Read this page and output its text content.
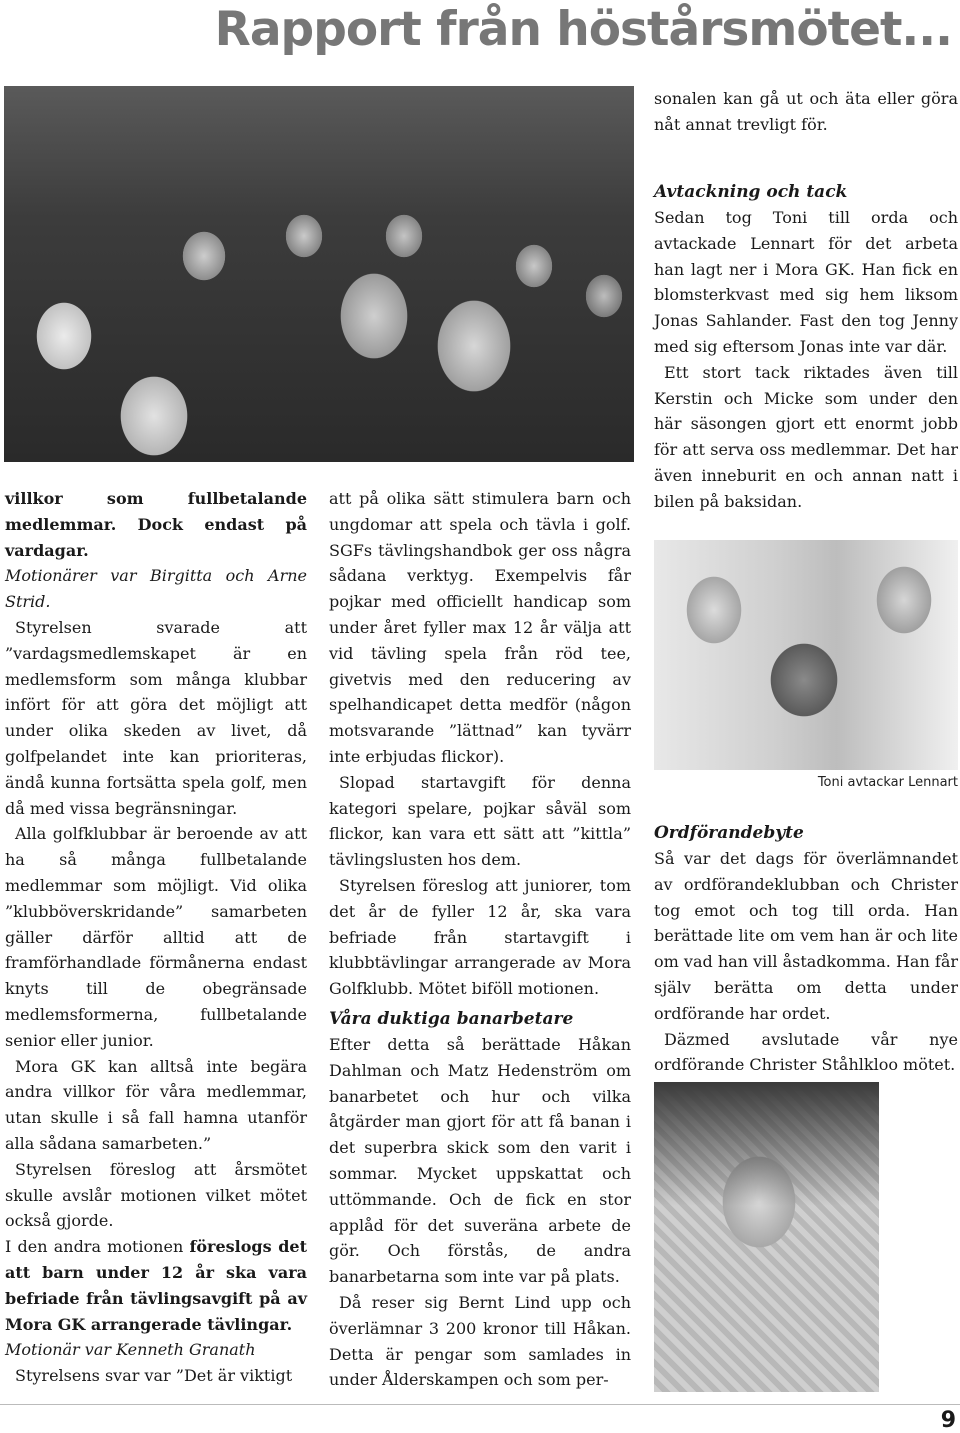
Rapport från höstårsmötet...

sonalen kan gå ut och äta eller göra nåt annat trevligt för.

Avtackning och tack

Sedan tog Toni till orda och avtackade Lennart för det arbeta han lagt ner i Mora GK. Han fick en blomsterkvast med sig hem liksom Jonas Sahlander. Fast den tog Jenny med sig eftersom Jonas inte var där.

Ett stort tack riktades även till Kerstin och Micke som under den här säsongen gjort ett enormt jobb för att serva oss medlemmar. Det har även inneburit en och annan natt i bilen på baksidan.

Toni avtackar Lennart
Ordförandebyte

Så var det dags för överlämnandet av ordförandeklubban och Christer tog emot och tog till orda. Han berättade lite om vem han är och lite om vad han vill åstadkomma. Han får själv berätta om detta under ordförande har ordet.

Däzmed avslutade vår nye ordförande Christer Ståhlkloo mötet.

villkor som fullbetalande medlemmar. Dock endast på vardagar.

Motionärer var Birgitta och Arne Strid.

Styrelsen svarade att ”vardagsmedlemskapet är en medlemsform som många klubbar infört för att göra det möjligt att under olika skeden av livet, då golfpelandet inte kan prioriteras, ändå kunna fortsätta spela golf, men då med vissa begränsningar.

Alla golfklubbar är beroende av att ha så många fullbetalande medlemmar som möjligt. Vid olika ”klubböverskridande” samarbeten gäller därför alltid att de framförhandlade förmånerna endast knyts till de obegränsade medlemsformerna, fullbetalande senior eller junior.

Mora GK kan alltså inte begära andra villkor för våra medlemmar, utan skulle i så fall hamna utanför alla sådana samarbeten.”

Styrelsen föreslog att årsmötet skulle avslår motionen vilket mötet också gjorde.

I den andra motionen föreslogs det att barn under 12 år ska vara befriade från tävlingsavgift på av Mora GK arrangerade tävlingar.

Motionär var Kenneth Granath

Styrelsens svar var ”Det är viktigt

att på olika sätt stimulera barn och ungdomar att spela och tävla i golf. SGFs tävlingshandbok ger oss några sådana verktyg. Exempelvis får pojkar med officiellt handicap som under året fyller max 12 år välja att vid tävling spela från röd tee, givetvis med den reducering av spelhandicapet detta medför (någon motsvarande ”lättnad” kan tyvärr inte erbjudas flickor).

Slopad startavgift för denna kategori spelare, pojkar såväl som flickor, kan vara ett sätt att ”kittla” tävlingslusten hos dem.

Styrelsen föreslog att juniorer, tom det år de fyller 12 år, ska vara befriade från startavgift i klubbtävlingar arrangerade av Mora Golfklubb. Mötet biföll motionen.

Våra duktiga banarbetare

Efter detta så berättade Håkan Dahlman och Matz Hedenström om banarbetet och hur och vilka åtgärder man gjort för att få banan i det superbra skick som den varit i sommar. Mycket uppskattat och uttömmande. Och de fick en stor applåd för det suveräna arbete de gör. Och förstås, de andra banarbetarna som inte var på plats.

Då reser sig Bernt Lind upp och överlämnar 3 200 kronor till Håkan. Detta är pengar som samlades in under Ålderskampen och som per-

9
